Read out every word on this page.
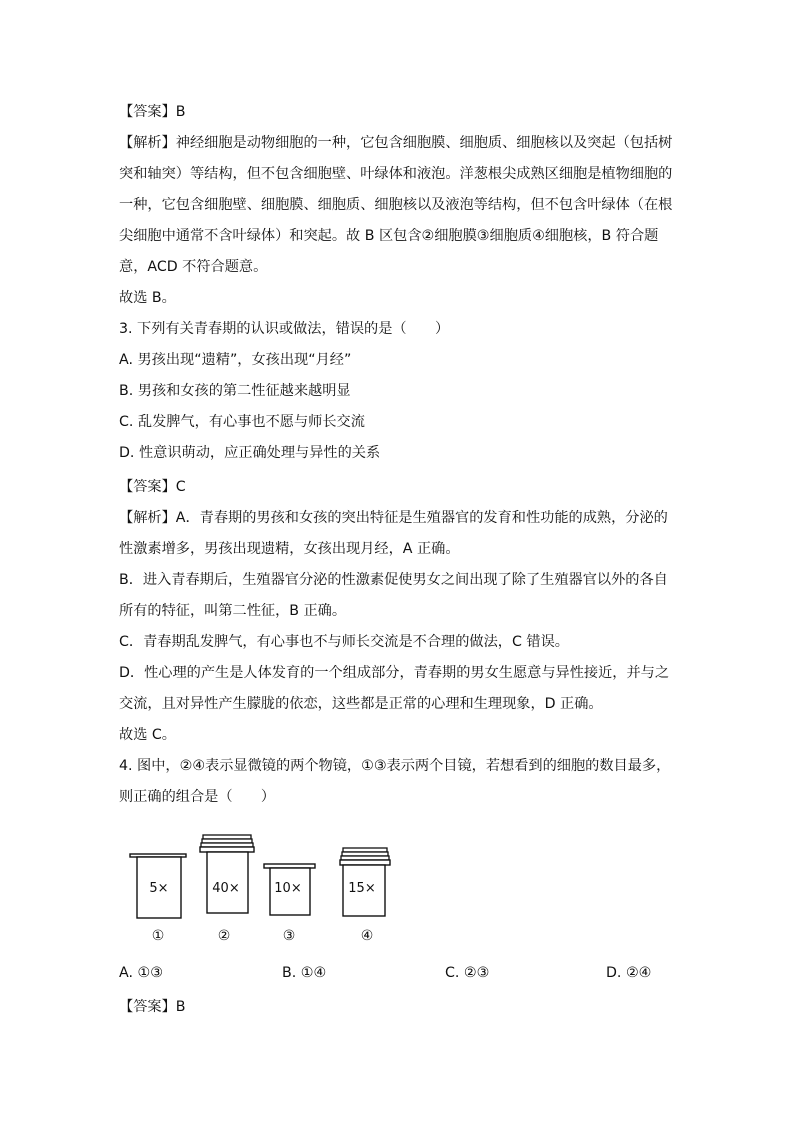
【答案】B
【解析】神经细胞是动物细胞的一种，它包含细胞膜、细胞质、细胞核以及突起（包括树
突和轴突）等结构，但不包含细胞壁、叶绿体和液泡。洋葱根尖成熟区细胞是植物细胞的
一种，它包含细胞壁、细胞膜、细胞质、细胞核以及液泡等结构，但不包含叶绿体（在根
尖细胞中通常不含叶绿体）和突起。故 B 区包含②细胞膜③细胞质④细胞核，B 符合题
意，ACD 不符合题意。
故选 B。
3. 下列有关青春期的认识或做法，错误的是（　　）
A. 男孩出现“遗精”，女孩出现“月经”
B. 男孩和女孩的第二性征越来越明显
C. 乱发脾气，有心事也不愿与师长交流
D. 性意识萌动，应正确处理与异性的关系
【答案】C
【解析】A．青春期的男孩和女孩的突出特征是生殖器官的发育和性功能的成熟，分泌的
性激素增多，男孩出现遗精，女孩出现月经，A 正确。
B．进入青春期后，生殖器官分泌的性激素促使男女之间出现了除了生殖器官以外的各自
所有的特征，叫第二性征，B 正确。
C．青春期乱发脾气，有心事也不与师长交流是不合理的做法，C 错误。
D．性心理的产生是人体发育的一个组成部分，青春期的男女生愿意与异性接近，并与之
交流，且对异性产生朦胧的依恋，这些都是正常的心理和生理现象，D 正确。
故选 C。
4. 图中，②④表示显微镜的两个物镜，①③表示两个目镜，若想看到的细胞的数目最多，
则正确的组合是（　　）
5×
①
40×
②
10×
③
15×
④
A. ①③	B. ①④	C. ②③	D. ②④
【答案】B
